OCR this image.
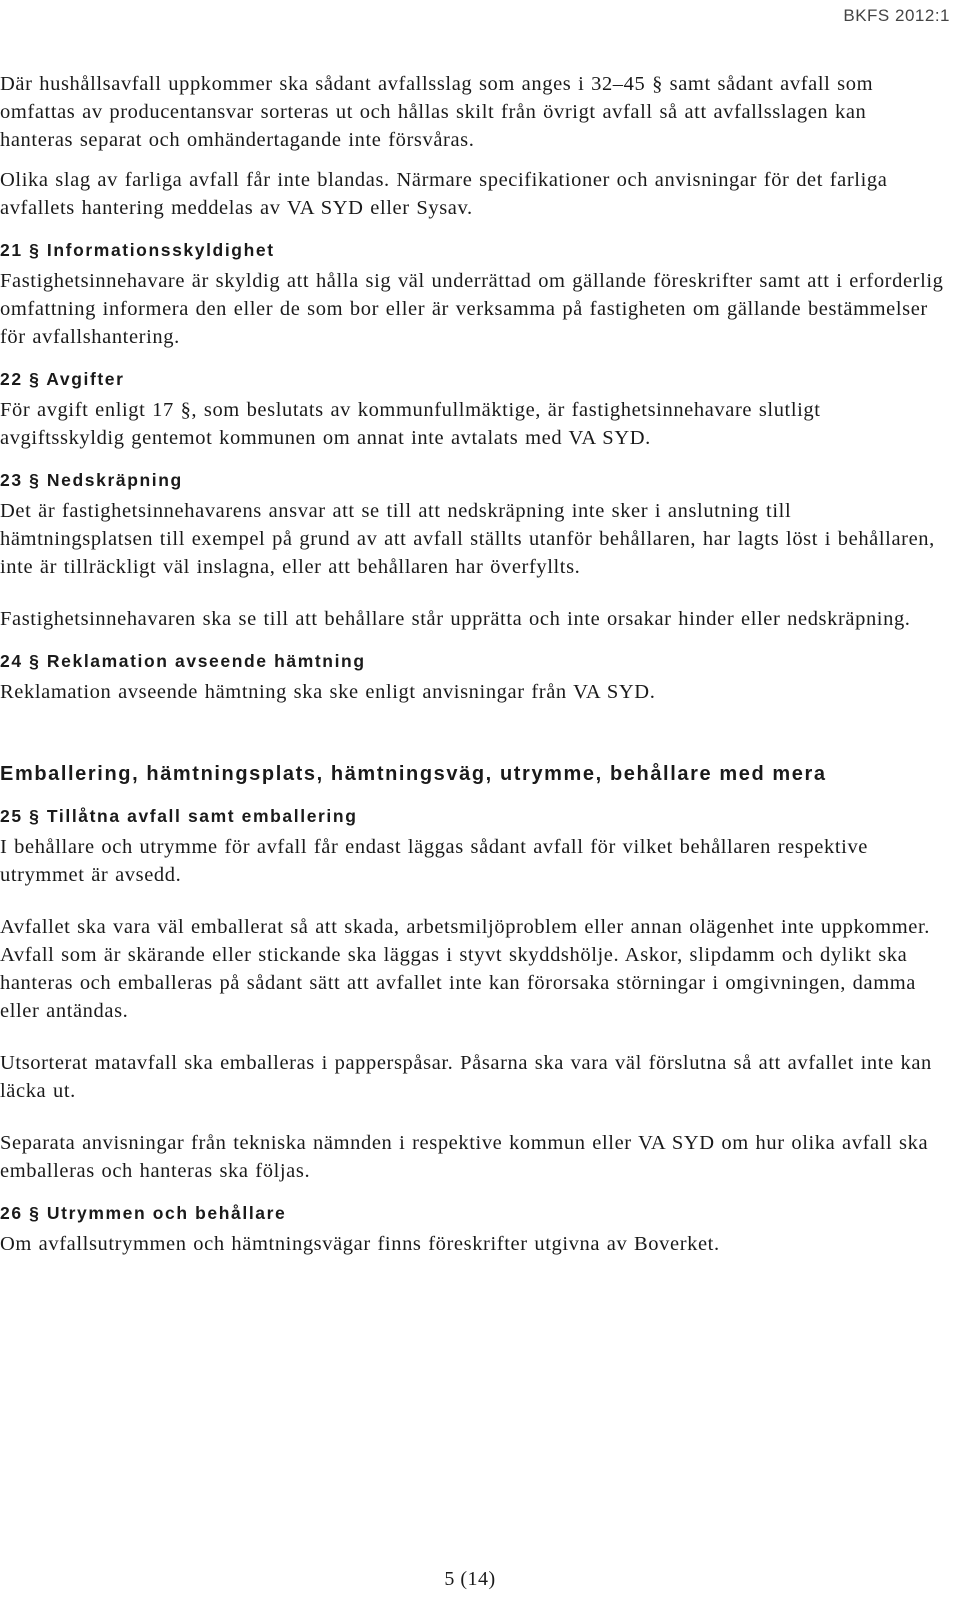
BKFS 2012:1

Där hushållsavfall uppkommer ska sådant avfallsslag som anges i 32–45 § samt sådant avfall som omfattas av producentansvar sorteras ut och hållas skilt från övrigt avfall så att avfallsslagen kan hanteras separat och omhändertagande inte försvåras.

Olika slag av farliga avfall får inte blandas. Närmare specifikationer och anvisningar för det farliga avfallets hantering meddelas av VA SYD eller Sysav.

21 § Informationsskyldighet

Fastighetsinnehavare är skyldig att hålla sig väl underrättad om gällande föreskrifter samt att i erforderlig omfattning informera den eller de som bor eller är verksamma på fastigheten om gällande bestämmelser för avfallshantering.

22 § Avgifter

För avgift enligt 17 §, som beslutats av kommunfullmäktige, är fastighetsinnehavare slutligt avgiftsskyldig gentemot kommunen om annat inte avtalats med VA SYD.

23 § Nedskräpning

Det är fastighetsinnehavarens ansvar att se till att nedskräpning inte sker i anslutning till hämtningsplatsen till exempel på grund av att avfall ställts utanför behållaren, har lagts löst i behållaren, inte är tillräckligt väl inslagna, eller att behållaren har överfyllts.

Fastighetsinnehavaren ska se till att behållare står upprätta och inte orsakar hinder eller nedskräpning.

24 § Reklamation avseende hämtning

Reklamation avseende hämtning ska ske enligt anvisningar från VA SYD.

Emballering, hämtningsplats, hämtningsväg, utrymme, behållare med mera
25 § Tillåtna avfall samt emballering

I behållare och utrymme för avfall får endast läggas sådant avfall för vilket behållaren respektive utrymmet är avsedd.

Avfallet ska vara väl emballerat så att skada, arbetsmiljöproblem eller annan olägenhet inte uppkommer. Avfall som är skärande eller stickande ska läggas i styvt skyddshölje. Askor, slipdamm och dylikt ska hanteras och emballeras på sådant sätt att avfallet inte kan förorsaka störningar i omgivningen, damma eller antändas.

Utsorterat matavfall ska emballeras i papperspåsar. Påsarna ska vara väl förslutna så att avfallet inte kan läcka ut.

Separata anvisningar från tekniska nämnden i respektive kommun eller VA SYD om hur olika avfall ska emballeras och hanteras ska följas.

26 § Utrymmen och behållare

Om avfallsutrymmen och hämtningsvägar finns föreskrifter utgivna av Boverket.

5 (14)
